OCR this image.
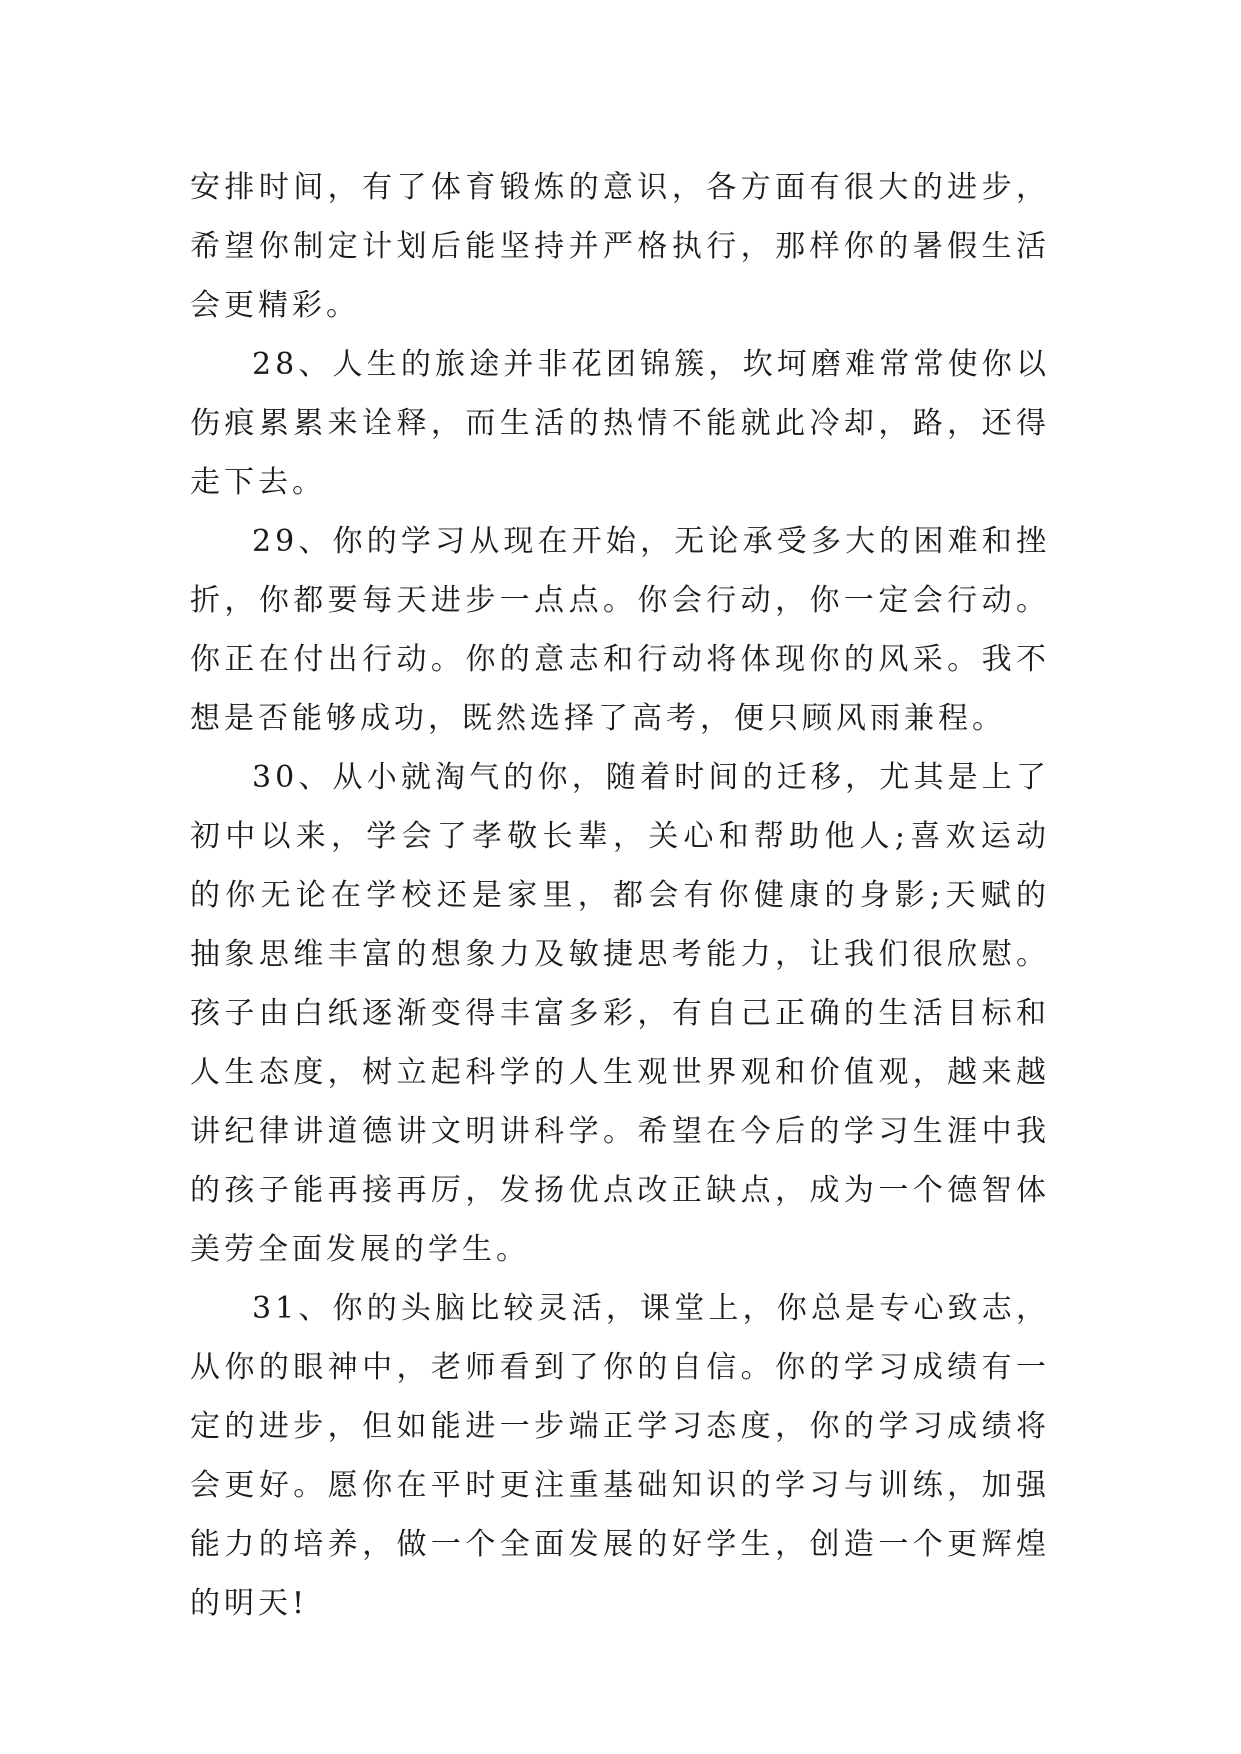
安排时间，有了体育锻炼的意识，各方面有很大的进步，希望你制定计划后能坚持并严格执行，那样你的暑假生活会更精彩。

28、人生的旅途并非花团锦簇，坎坷磨难常常使你以伤痕累累来诠释，而生活的热情不能就此冷却，路，还得走下去。

29、你的学习从现在开始，无论承受多大的困难和挫折，你都要每天进步一点点。你会行动，你一定会行动。你正在付出行动。你的意志和行动将体现你的风采。我不想是否能够成功，既然选择了高考，便只顾风雨兼程。

30、从小就淘气的你，随着时间的迁移，尤其是上了初中以来，学会了孝敬长辈，关心和帮助他人;喜欢运动的你无论在学校还是家里，都会有你健康的身影;天赋的抽象思维丰富的想象力及敏捷思考能力，让我们很欣慰。孩子由白纸逐渐变得丰富多彩，有自己正确的生活目标和人生态度，树立起科学的人生观世界观和价值观，越来越讲纪律讲道德讲文明讲科学。希望在今后的学习生涯中我的孩子能再接再厉，发扬优点改正缺点，成为一个德智体美劳全面发展的学生。

31、你的头脑比较灵活，课堂上，你总是专心致志，从你的眼神中，老师看到了你的自信。你的学习成绩有一定的进步，但如能进一步端正学习态度，你的学习成绩将会更好。愿你在平时更注重基础知识的学习与训练，加强能力的培养，做一个全面发展的好学生，创造一个更辉煌的明天!
